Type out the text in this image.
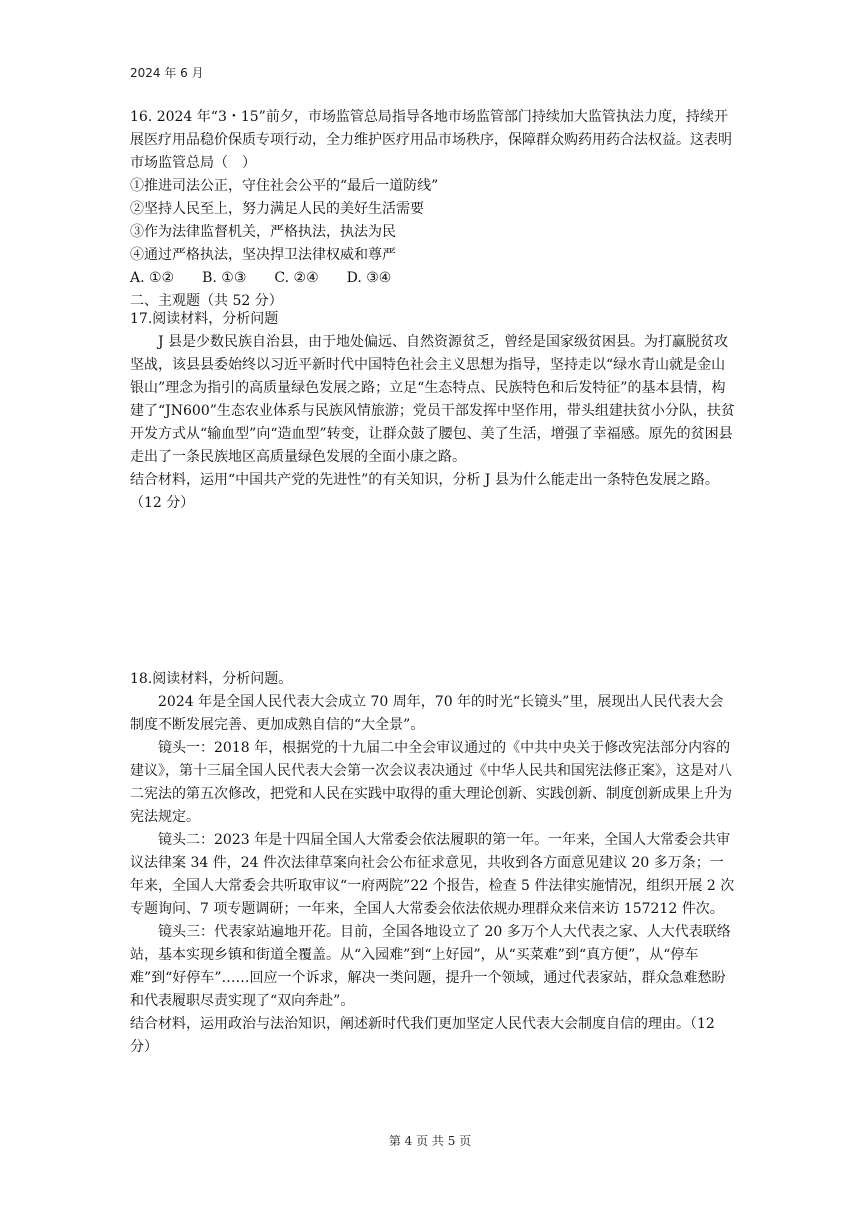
2024 年 6 月

16. 2024 年“3・15”前夕，市场监管总局指导各地市场监管部门持续加大监管执法力度，持续开展医疗用品稳价保质专项行动，全力维护医疗用品市场秩序，保障群众购药用药合法权益。这表明市场监管总局（　）

①推进司法公正，守住社会公平的“最后一道防线”

②坚持人民至上，努力满足人民的美好生活需要

③作为法律监督机关，严格执法，执法为民

④通过严格执法，坚决捍卫法律权威和尊严

A. ①②　　B. ①③　　C. ②④　　D. ③④

二、主观题（共 52 分）

17.阅读材料，分析问题

J 县是少数民族自治县，由于地处偏远、自然资源贫乏，曾经是国家级贫困县。为打赢脱贫攻坚战，该县县委始终以习近平新时代中国特色社会主义思想为指导，坚持走以“绿水青山就是金山银山”理念为指引的高质量绿色发展之路；立足“生态特点、民族特色和后发特征”的基本县情，构建了“JN600”生态农业体系与民族风情旅游；党员干部发挥中坚作用，带头组建扶贫小分队，扶贫开发方式从“输血型”向“造血型”转变，让群众鼓了腰包、美了生活，增强了幸福感。原先的贫困县走出了一条民族地区高质量绿色发展的全面小康之路。

结合材料，运用“中国共产党的先进性”的有关知识，分析 J 县为什么能走出一条特色发展之路。（12 分）

18.阅读材料，分析问题。

2024 年是全国人民代表大会成立 70 周年，70 年的时光“长镜头”里，展现出人民代表大会制度不断发展完善、更加成熟自信的“大全景”。

镜头一：2018 年，根据党的十九届二中全会审议通过的《中共中央关于修改宪法部分内容的建议》，第十三届全国人民代表大会第一次会议表决通过《中华人民共和国宪法修正案》，这是对八二宪法的第五次修改，把党和人民在实践中取得的重大理论创新、实践创新、制度创新成果上升为宪法规定。

镜头二：2023 年是十四届全国人大常委会依法履职的第一年。一年来，全国人大常委会共审议法律案 34 件，24 件次法律草案向社会公布征求意见，共收到各方面意见建议 20 多万条；一年来，全国人大常委会共听取审议“一府两院”22 个报告，检查 5 件法律实施情况，组织开展 2 次专题询问、7 项专题调研；一年来，全国人大常委会依法依规办理群众来信来访 157212 件次。

镜头三：代表家站遍地开花。目前，全国各地设立了 20 多万个人大代表之家、人大代表联络站，基本实现乡镇和街道全覆盖。从“入园难”到“上好园”，从“买菜难”到“真方便”，从“停车难”到“好停车”……回应一个诉求，解决一类问题，提升一个领域，通过代表家站，群众急难愁盼和代表履职尽责实现了“双向奔赴”。

结合材料，运用政治与法治知识，阐述新时代我们更加坚定人民代表大会制度自信的理由。（12 分）

第 4 页 共 5 页
